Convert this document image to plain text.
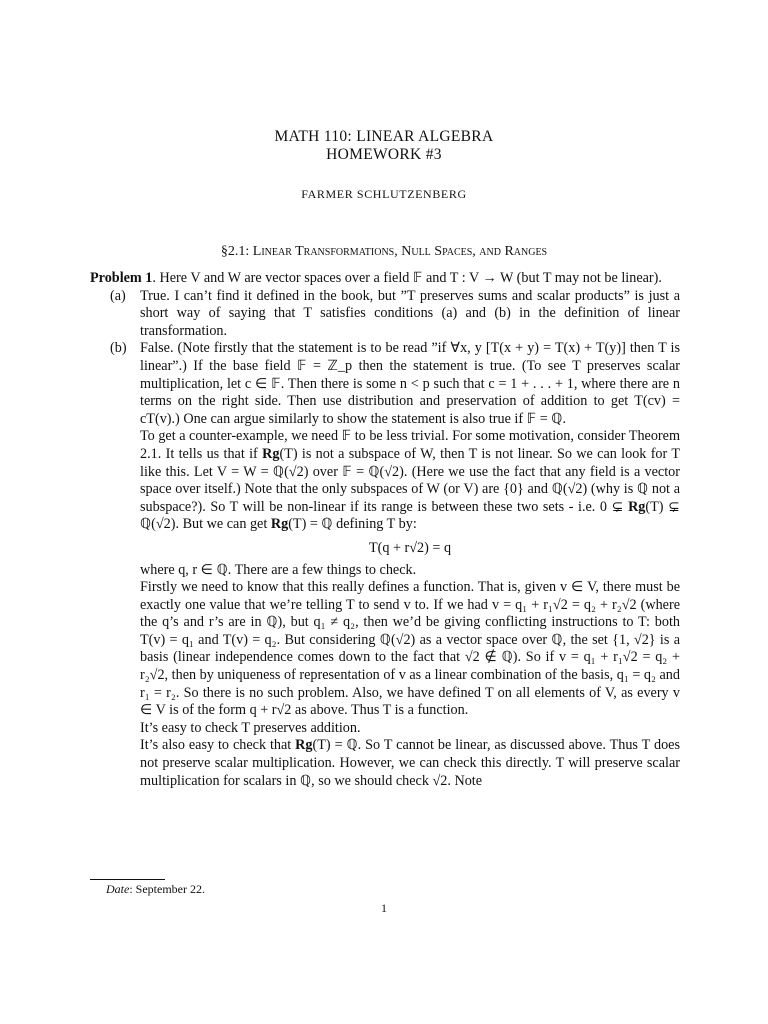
MATH 110: LINEAR ALGEBRA
HOMEWORK #3
FARMER SCHLUTZENBERG
§2.1: Linear Transformations, Null Spaces, and Ranges

Problem 1. Here V and W are vector spaces over a field 𝔽 and T : V → W (but T may not be linear).

(a) True. I can’t find it defined in the book, but ”T preserves sums and scalar products” is just a short way of saying that T satisfies conditions (a) and (b) in the definition of linear transformation.

(b) False. (Note firstly that the statement is to be read ”if ∀x, y [T(x + y) = T(x) + T(y)] then T is linear”.) If the base field 𝔽 = ℤ_p then the statement is true. (To see T preserves scalar multiplication, let c ∈ 𝔽. Then there is some n < p such that c = 1 + . . . + 1, where there are n terms on the right side. Then use distribution and preservation of addition to get T(cv) = cT(v).) One can argue similarly to show the statement is also true if 𝔽 = ℚ.

To get a counter-example, we need 𝔽 to be less trivial. For some motivation, consider Theorem 2.1. It tells us that if Rg(T) is not a subspace of W, then T is not linear. So we can look for T like this. Let V = W = ℚ(√2) over 𝔽 = ℚ(√2). (Here we use the fact that any field is a vector space over itself.) Note that the only subspaces of W (or V) are {0} and ℚ(√2) (why is ℚ not a subspace?). So T will be non-linear if its range is between these two sets - i.e. 0 ⊊ Rg(T) ⊊ ℚ(√2). But we can get Rg(T) = ℚ defining T by:

T(q + r√2) = q

where q, r ∈ ℚ. There are a few things to check.

Firstly we need to know that this really defines a function. That is, given v ∈ V, there must be exactly one value that we’re telling T to send v to. If we had v = q₁ + r₁√2 = q₂ + r₂√2 (where the q’s and r’s are in ℚ), but q₁ ≠ q₂, then we’d be giving conflicting instructions to T: both T(v) = q₁ and T(v) = q₂. But considering ℚ(√2) as a vector space over ℚ, the set {1, √2} is a basis (linear independence comes down to the fact that √2 ∉ ℚ). So if v = q₁ + r₁√2 = q₂ + r₂√2, then by uniqueness of representation of v as a linear combination of the basis, q₁ = q₂ and r₁ = r₂. So there is no such problem. Also, we have defined T on all elements of V, as every v ∈ V is of the form q + r√2 as above. Thus T is a function.

It’s easy to check T preserves addition.

It’s also easy to check that Rg(T) = ℚ. So T cannot be linear, as discussed above. Thus T does not preserve scalar multiplication. However, we can check this directly. T will preserve scalar multiplication for scalars in ℚ, so we should check √2. Note

Date: September 22.
1
